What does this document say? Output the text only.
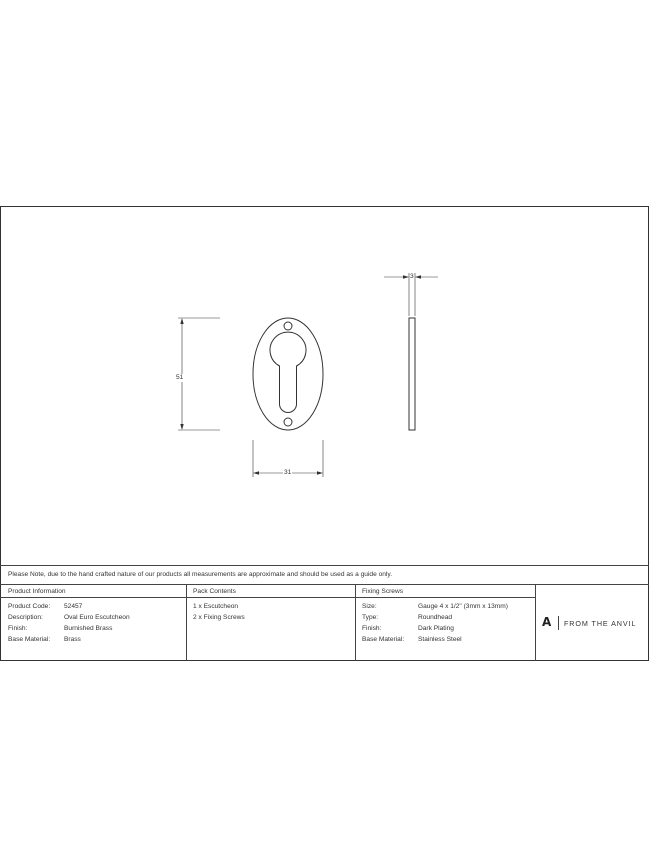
51
31
3
Please Note, due to the hand crafted nature of our products all measurements are approximate and should be used as a guide only.
Product Information
Product Code: 52457
Description:	Oval Euro Escutcheon
Finish:	Burnished Brass
Base Material: Brass
Pack Contents
1 x Escutcheon
2 x Fixing Screws
Fixing Screws
Size:	Gauge 4 x 1/2" (3mm x 13mm)
Type:	Roundhead
Finish:	Dark Plating
Base Material: Stainless Steel
A FROM THE ANVIL
